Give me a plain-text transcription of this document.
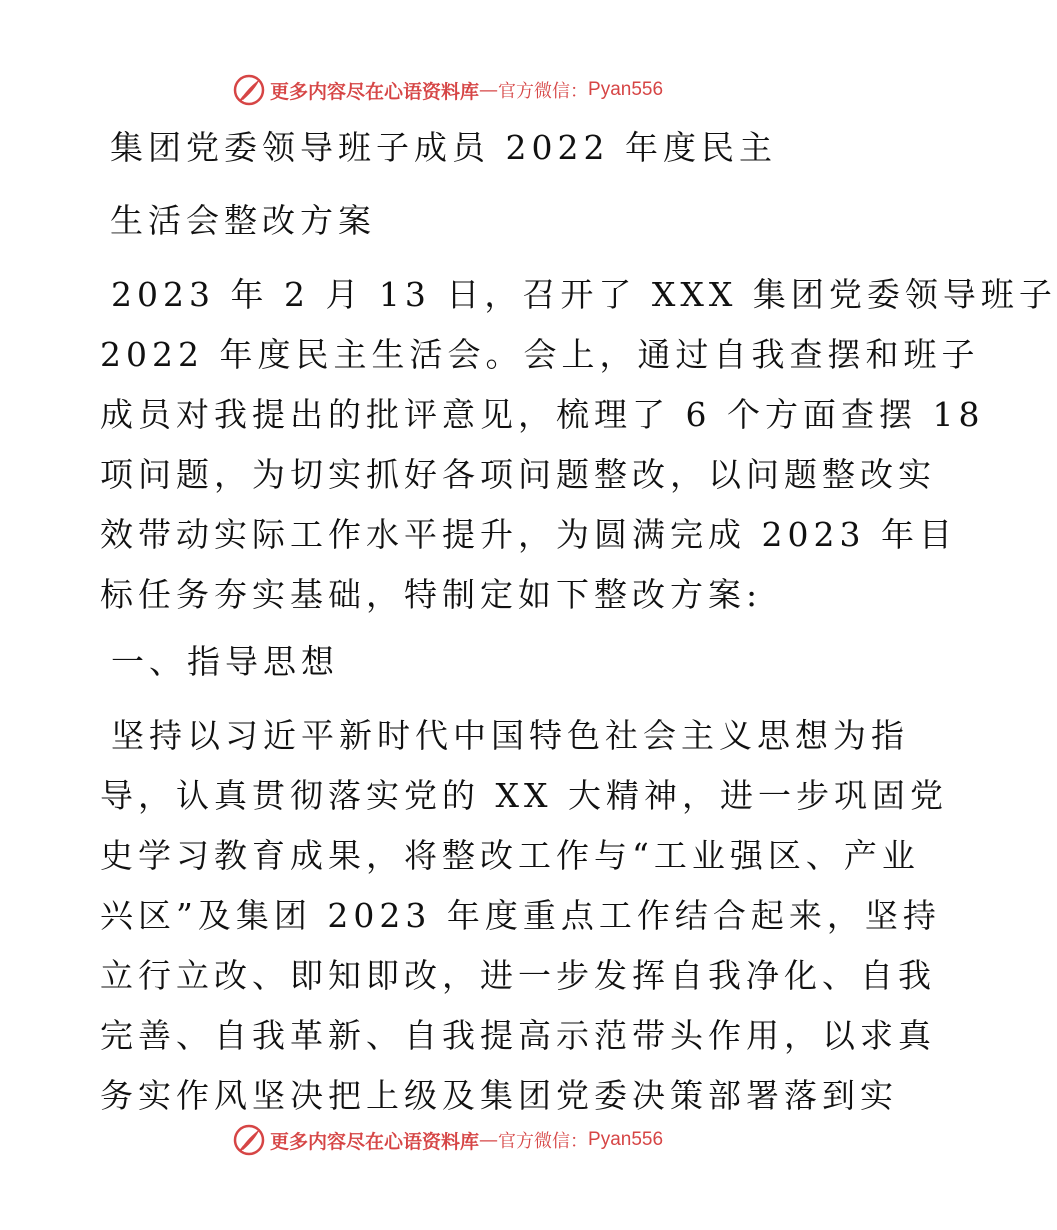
更多内容尽在心语资料库 — 官方微信： Pyan556
集团党委领导班子成员 2022 年度民主
生活会整改方案
2023 年 2 月 13 日，召开了 XXX 集团党委领导班子
2022 年度民主生活会。会上，通过自我查摆和班子
成员对我提出的批评意见，梳理了 6 个方面查摆 18
项问题，为切实抓好各项问题整改，以问题整改实
效带动实际工作水平提升，为圆满完成 2023 年目
标任务夯实基础，特制定如下整改方案:
一、指导思想
坚持以习近平新时代中国特色社会主义思想为指
导，认真贯彻落实党的 XX 大精神，进一步巩固党
史学习教育成果，将整改工作与“工业强区、产业
兴区”及集团 2023 年度重点工作结合起来，坚持
立行立改、即知即改，进一步发挥自我净化、自我
完善、自我革新、自我提高示范带头作用，以求真
务实作风坚决把上级及集团党委决策部署落到实
更多内容尽在心语资料库 — 官方微信： Pyan556
